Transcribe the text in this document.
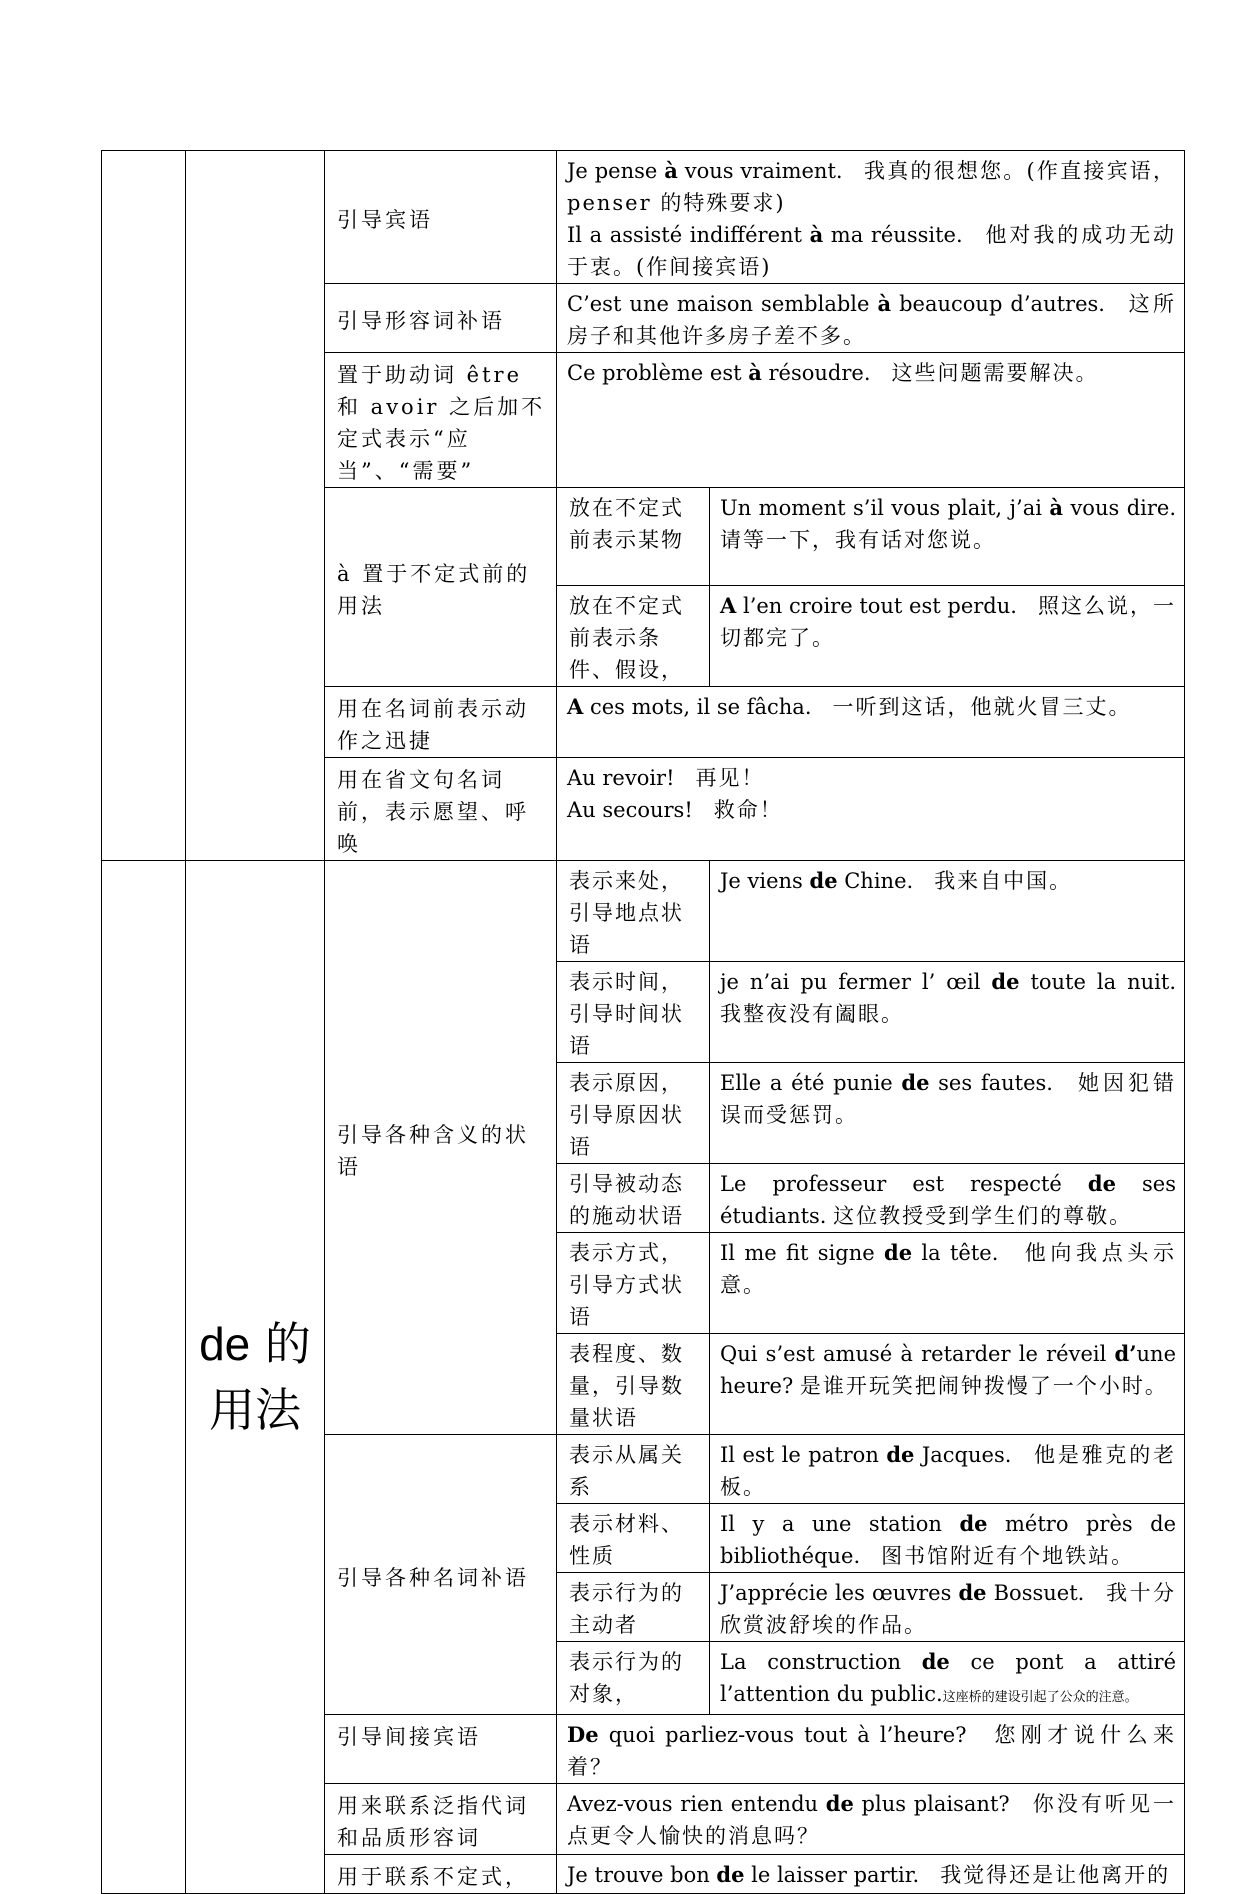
		引导宾语	Je pense à vous vraiment.　我真的很想您。(作直接宾语，penser 的特殊要求)
Il a assisté indifférent à ma réussite.　他对我的成功无动于衷。(作间接宾语)	
		引导形容词补语	C’est une maison semblable à beaucoup d’autres.　这所房子和其他许多房子差不多。	
		置于助动词 être 和 avoir 之后加不定式表示“应当”、“需要”	Ce problème est à résoudre.　这些问题需要解决。	
		à 置于不定式前的用法	放在不定式前表示某物	Un moment s’il vous plait, j’ai à vous dire. 请等一下，我有话对您说。
			放在不定式前表示条件、假设，	A l’en croire tout est perdu.　照这么说，一切都完了。
		用在名词前表示动作之迅捷	A ces mots, il se fâcha.　一听到这话，他就火冒三丈。	
		用在省文句名词前，表示愿望、呼唤	Au revoir!　再见！
Au secours!　救命！	
	de 的用法	引导各种含义的状语	表示来处，引导地点状语	Je viens de Chine.　我来自中国。
			表示时间，引导时间状语	je n’ai pu fermer l’ œil de toute la nuit.　我整夜没有阖眼。
			表示原因，引导原因状语	Elle a été punie de ses fautes.　她因犯错误而受惩罚。
			引导被动态的施动状语	Le professeur est respecté de ses étudiants. 这位教授受到学生们的尊敬。
			表示方式，引导方式状语	Il me fit signe de la tête.　他向我点头示意。
			表程度、数量，引导数量状语	Qui s’est amusé à retarder le réveil d’une heure? 是谁开玩笑把闹钟拨慢了一个小时。
		引导各种名词补语	表示从属关系	Il est le patron de Jacques.　他是雅克的老板。
			表示材料、性质	Il y a une station de métro près de bibliothéque.　图书馆附近有个地铁站。
			表示行为的主动者	J’apprécie les œuvres de Bossuet.　我十分欣赏波舒埃的作品。
			表示行为的对象，	La construction de ce pont a attiré l’attention du public.这座桥的建设引起了公众的注意。
		引导间接宾语	De quoi parliez-vous tout à l’heure?　您刚才说什么来着？	
		用来联系泛指代词和品质形容词	Avez-vous rien entendu de plus plaisant?　你没有听见一点更令人愉快的消息吗？	
		用于联系不定式，	Je trouve bon de le laisser partir.　我觉得还是让他离开的	
